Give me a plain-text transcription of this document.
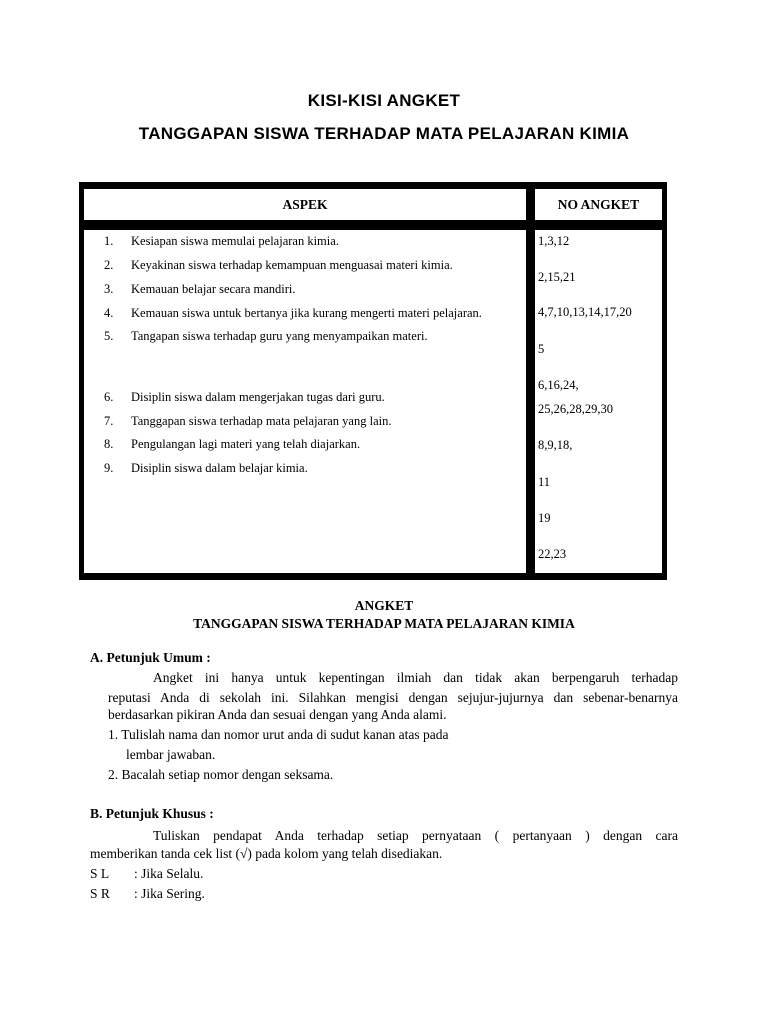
KISI-KISI ANGKET
TANGGAPAN SISWA TERHADAP MATA PELAJARAN KIMIA
ASPEK	NO ANGKET
1. Kesiapan siswa memulai pelajaran kimia.
2. Keyakinan siswa terhadap kemampuan menguasai materi kimia.
3. Kemauan belajar secara mandiri.
4. Kemauan siswa untuk bertanya jika kurang mengerti materi pelajaran.
5. Tangapan siswa terhadap guru yang menyampaikan materi.
6. Disiplin siswa dalam mengerjakan tugas dari guru.
7. Tanggapan siswa terhadap mata pelajaran yang lain.
8. Pengulangan lagi materi yang telah diajarkan.
9. Disiplin siswa dalam belajar kimia.
1,3,12
2,15,21
4,7,10,13,14,17,20
5
6,16,24,
25,26,28,29,30
8,9,18,
11
19
22,23
ANGKET
TANGGAPAN SISWA TERHADAP MATA PELAJARAN KIMIA
A. Petunjuk Umum :
Angket ini hanya untuk kepentingan ilmiah dan tidak akan berpengaruh terhadap
reputasi Anda di sekolah ini. Silahkan mengisi dengan sejujur-jujurnya dan sebenar-benarnya
berdasarkan pikiran Anda dan sesuai dengan yang Anda alami.
1. Tulislah nama dan nomor urut anda di sudut kanan atas pada
lembar jawaban.
2. Bacalah setiap nomor dengan seksama.
B. Petunjuk Khusus :
Tuliskan pendapat Anda terhadap setiap pernyataan ( pertanyaan ) dengan cara
memberikan tanda cek list (√) pada kolom yang telah disediakan.
S L : Jika Selalu.
S R : Jika Sering.
